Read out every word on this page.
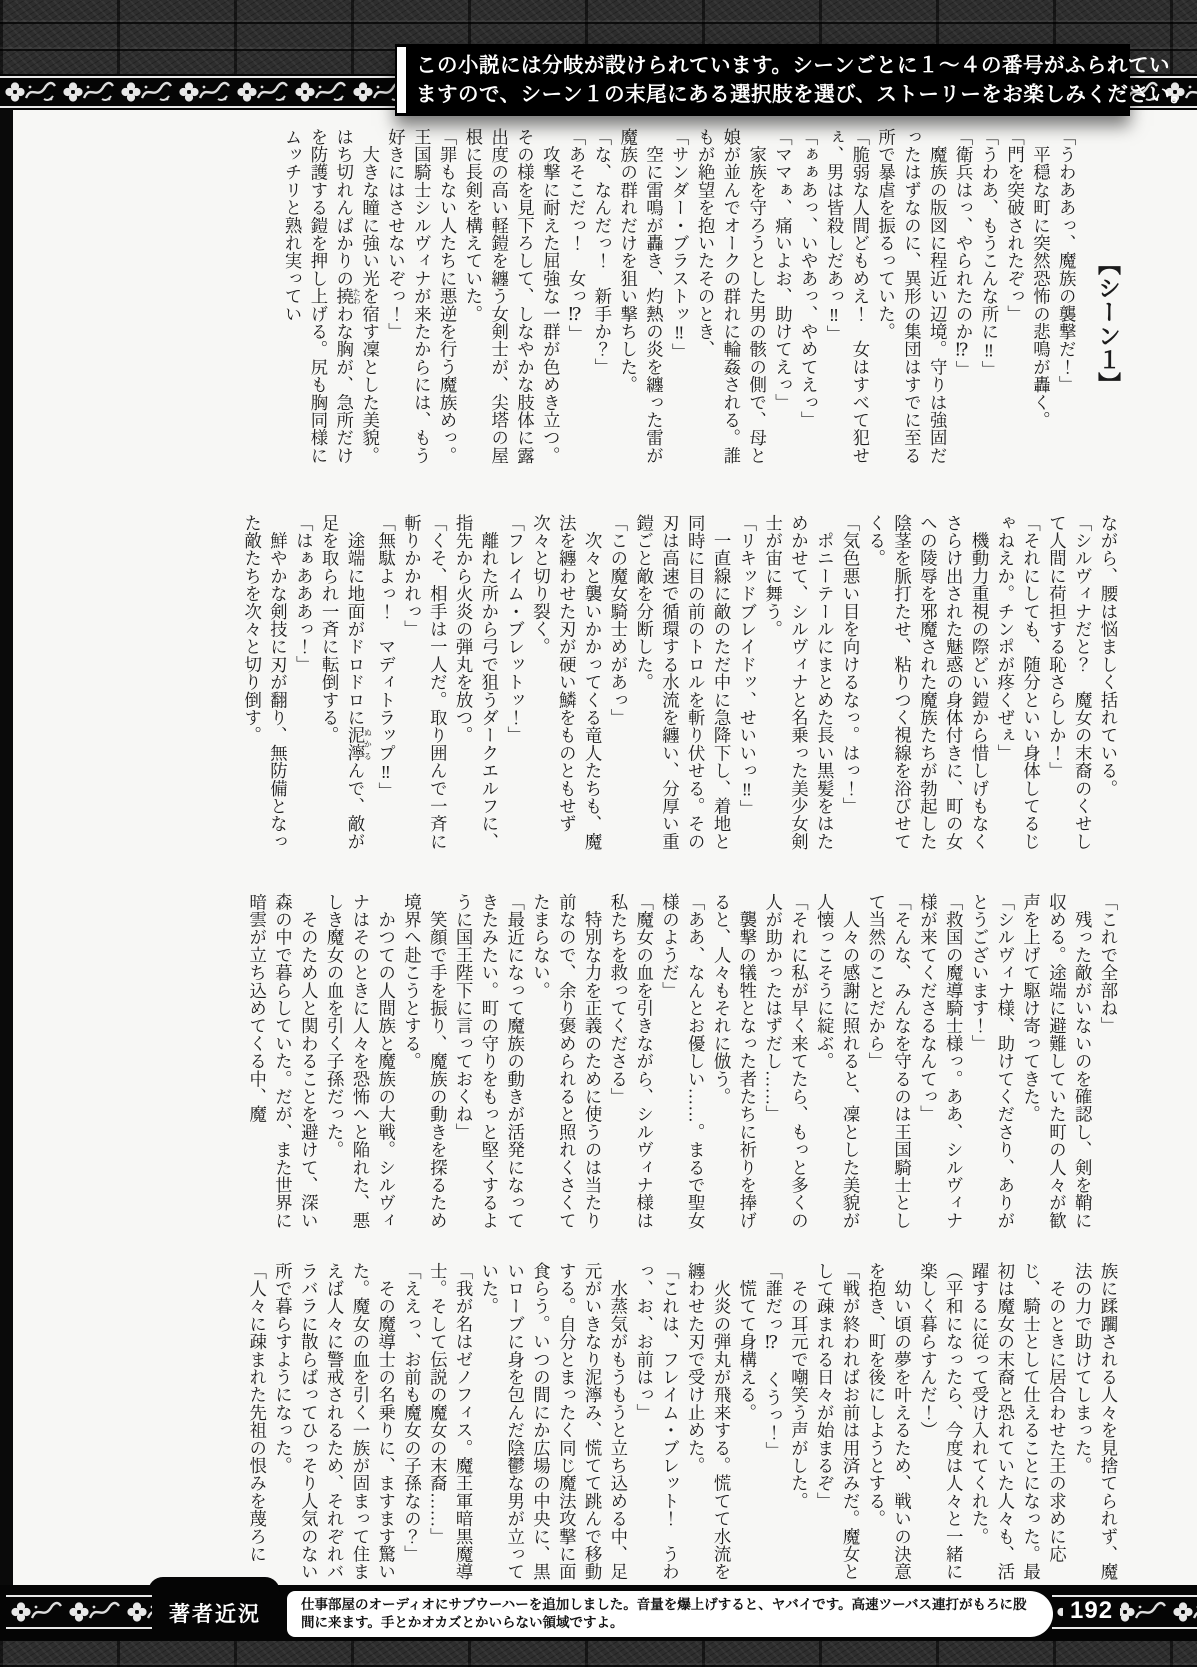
この小説には分岐が設けられています。シーンごとに１～４の番号がふられてい
ますので、シーン１の末尾にある選択肢を選び、ストーリーをお楽しみください。

【シーン１】

「うわああっ、魔族の襲撃だ！」

　平穏な町に突然恐怖の悲鳴が轟く。

「門を突破されたぞっ」

「うわあ、もうこんな所に‼」

「衛兵はっ、やられたのか⁉」

　魔族の版図に程近い辺境。守りは強固だったはずなのに、異形の集団はすでに至る所で暴虐を振るっていた。

「脆弱な人間どもめえ！　女はすべて犯せぇ、男は皆殺しだあっ‼」

「ぁぁあっ、いやあっ、やめてえっ」

「ママぁ、痛いよお、助けてえっ」

　家族を守ろうとした男の骸の側で、母と娘が並んでオークの群れに輪姦される。誰もが絶望を抱いたそのとき、

「サンダー・ブラストッ‼」

　空に雷鳴が轟き、灼熱の炎を纏った雷が魔族の群れだけを狙い撃ちした。

「な、なんだっ！　新手か？」

「あそこだっ！　女っ⁉」

　攻撃に耐えた屈強な一群が色めき立つ。その様を見下ろして、しなやかな肢体に露出度の高い軽鎧を纏う女剣士が、尖塔の屋根に長剣を構えていた。

「罪もない人たちに悪逆を行う魔族めっ。王国騎士シルヴィナが来たからには、もう好きにはさせないぞっ！」

　大きな瞳に強い光を宿す凜とした美貌。はち切れんばかりの撓たわわな胸が、急所だけを防護する鎧を押し上げる。尻も胸同様にムッチリと熟れ実ってい

ながら、腰は悩ましく括れている。

「シルヴィナだと？　魔女の末裔のくせして人間に荷担する恥さらしか！」

「それにしても、随分といい身体してるじゃねえか。チンポが疼くぜぇ」

　機動力重視の際どい鎧から惜しげもなくさらけ出された魅惑の身体付きに、町の女への陵辱を邪魔された魔族たちが勃起した陰茎を脈打たせ、粘りつく視線を浴びせてくる。

「気色悪い目を向けるなっ。はっ！」

　ポニーテールにまとめた長い黒髪をはためかせて、シルヴィナと名乗った美少女剣士が宙に舞う。

「リキッドブレイドッ、せいいっ‼」

　一直線に敵のただ中に急降下し、着地と同時に目の前のトロルを斬り伏せる。その刃は高速で循環する水流を纏い、分厚い重鎧ごと敵を分断した。

「この魔女騎士めがあっ」

　次々と襲いかかってくる竜人たちも、魔法を纏わせた刃が硬い鱗をものともせず次々と切り裂く。

「フレイム・ブレットッ！」

　離れた所から弓で狙うダークエルフに、指先から火炎の弾丸を放つ。

「くそ、相手は一人だ。取り囲んで一斉に斬りかかれっ」

「無駄よっ！　マディトラップ‼」

　途端に地面がドロドロに泥濘ぬかるんで、敵が足を取られ一斉に転倒する。

「はぁあああっ！」

　鮮やかな剣技に刃が翻り、無防備となった敵たちを次々と切り倒す。

「これで全部ね」

　残った敵がいないのを確認し、剣を鞘に収める。途端に避難していた町の人々が歓声を上げて駆け寄ってきた。

「シルヴィナ様、助けてくださり、ありがとうございます！」

「救国の魔導騎士様っ。ああ、シルヴィナ様が来てくださるなんてっ」

「そんな、みんなを守るのは王国騎士として当然のことだから」

　人々の感謝に照れると、凜とした美貌が人懐っこそうに綻ぶ。

「それに私が早く来てたら、もっと多くの人が助かったはずだし……」

　襲撃の犠牲となった者たちに祈りを捧げると、人々もそれに倣う。

「ああ、なんとお優しい……。まるで聖女様のようだ」

「魔女の血を引きながら、シルヴィナ様は私たちを救ってくださる」

　特別な力を正義のために使うのは当たり前なので、余り褒められると照れくさくてたまらない。

「最近になって魔族の動きが活発になってきたみたい。町の守りをもっと堅くするように国王陛下に言っておくね」

　笑顔で手を振り、魔族の動きを探るため境界へ赴こうとする。

　かつての人間族と魔族の大戦。シルヴィナはそのときに人々を恐怖へと陥れた、悪しき魔女の血を引く子孫だった。

　そのため人と関わることを避けて、深い森の中で暮らしていた。だが、また世界に暗雲が立ち込めてくる中、魔

族に蹂躙される人々を見捨てられず、魔法の力で助けてしまった。

　そのときに居合わせた王の求めに応じ、騎士として仕えることになった。最初は魔女の末裔と恐れていた人々も、活躍するに従って受け入れてくれた。

（平和になったら、今度は人々と一緒に楽しく暮らすんだ！）

　幼い頃の夢を叶えるため、戦いの決意を抱き、町を後にしようとする。

「戦が終わればお前は用済みだ。魔女として疎まれる日々が始まるぞ」

　その耳元で嘲笑う声がした。

「誰だっ⁉　くうっ！」

　慌てて身構える。

　火炎の弾丸が飛来する。慌てて水流を纏わせた刃で受け止めた。

「これは、フレイム・ブレット！　うわっ、お、お前はっ」

　水蒸気がもうもうと立ち込める中、足元がいきなり泥濘み、慌てて跳んで移動する。自分とまったく同じ魔法攻撃に面食らう。いつの間にか広場の中央に、黒いローブに身を包んだ陰鬱な男が立っていた。

「我が名はゼノフィス。魔王軍暗黒魔導士。そして伝説の魔女の末裔……」

「ええっ、お前も魔女の子孫なの？」

　その魔導士の名乗りに、ますます驚いた。魔女の血を引く一族が固まって住まえば人々に警戒されるため、それぞれバラバラに散らばってひっそり人気のない所で暮らすようになった。

「人々に疎まれた先祖の恨みを蔑ろに

著者近況	仕事部屋のオーディオにサブウーハーを追加しました。音量を爆上げすると、ヤバイです。高速ツーバス連打がもろに股間に来ます。手とかオカズとかいらない領域ですよ。	192
